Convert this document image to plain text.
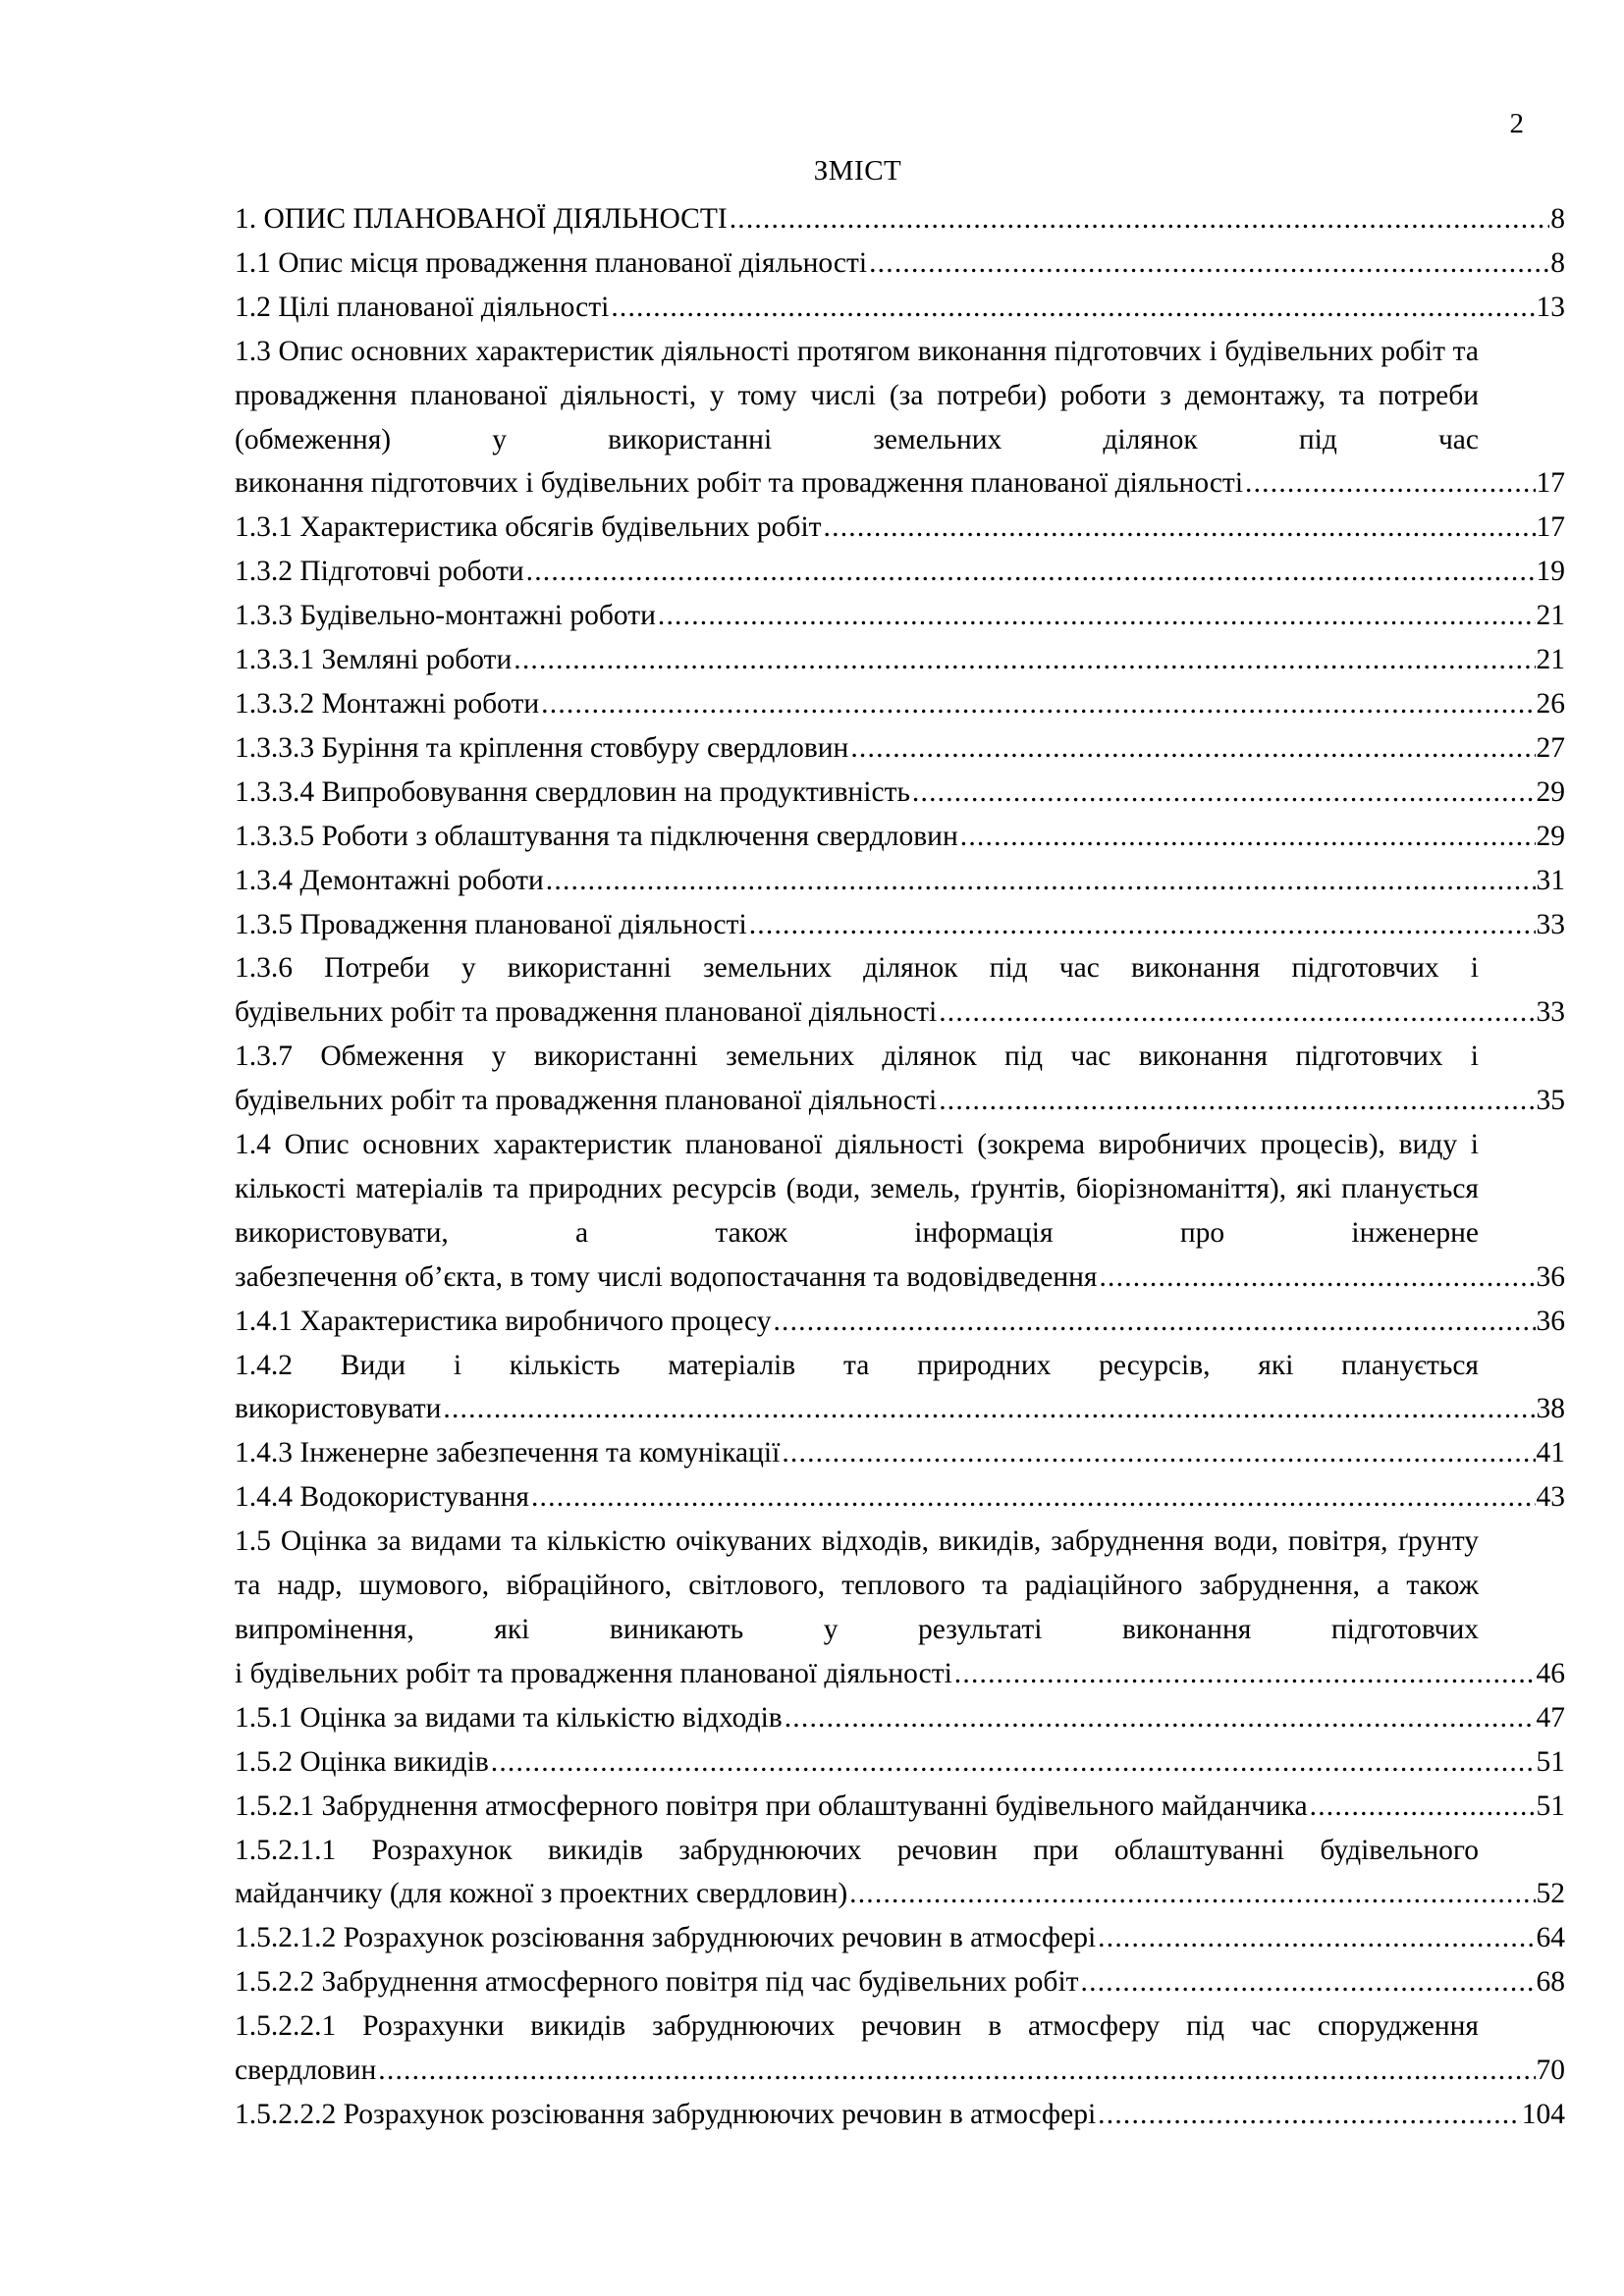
2
ЗМІСТ
1. ОПИС ПЛАНОВАНОЇ ДІЯЛЬНОСТІ .....	8
1.1 Опис місця провадження планованої діяльності .....	8
1.2 Цілі планованої діяльності .....	13
1.3 Опис основних характеристик діяльності протягом виконання підготовчих і будівельних робіт та провадження планованої діяльності, у тому числі (за потреби) роботи з демонтажу, та потреби (обмеження) у використанні земельних ділянок під час
виконання підготовчих і будівельних робіт та провадження планованої діяльності .....	17
1.3.1 Характеристика обсягів будівельних робіт .....	17
1.3.2 Підготовчі роботи .....	19
1.3.3 Будівельно-монтажні роботи .....	21
1.3.3.1 Земляні роботи .....	21
1.3.3.2 Монтажні роботи .....	26
1.3.3.3 Буріння та кріплення стовбуру свердловин .....	27
1.3.3.4 Випробовування свердловин на продуктивність .....	29
1.3.3.5 Роботи з облаштування та підключення свердловин .....	29
1.3.4 Демонтажні роботи .....	31
1.3.5 Провадження планованої діяльності .....	33
1.3.6 Потреби у використанні земельних ділянок під час виконання підготовчих і
будівельних робіт та провадження планованої діяльності .....	33
1.3.7 Обмеження у використанні земельних ділянок під час виконання підготовчих і
будівельних робіт та провадження планованої діяльності .....	35
1.4 Опис основних характеристик планованої діяльності (зокрема виробничих процесів), виду і кількості матеріалів та природних ресурсів (води, земель, ґрунтів, біорізноманіття), які планується використовувати, а також інформація про інженерне
забезпечення об’єкта, в тому числі водопостачання та водовідведення .....	36
1.4.1 Характеристика виробничого процесу .....	36
1.4.2 Види і кількість матеріалів та природних ресурсів, які планується
використовувати .....	38
1.4.3 Інженерне забезпечення та комунікації .....	41
1.4.4 Водокористування .....	43
1.5 Оцінка за видами та кількістю очікуваних відходів, викидів, забруднення води, повітря, ґрунту та надр, шумового, вібраційного, світлового, теплового та радіаційного забруднення, а також випромінення, які виникають у результаті виконання підготовчих
і будівельних робіт та провадження планованої діяльності .....	46
1.5.1 Оцінка за видами та кількістю відходів .....	47
1.5.2 Оцінка викидів .....	51
1.5.2.1 Забруднення атмосферного повітря при облаштуванні будівельного майданчика .....	51
1.5.2.1.1 Розрахунок викидів забруднюючих речовин при облаштуванні будівельного
майданчику (для кожної з проектних свердловин) .....	52
1.5.2.1.2 Розрахунок розсіювання забруднюючих речовин в атмосфері .....	64
1.5.2.2 Забруднення атмосферного повітря під час будівельних робіт .....	68
1.5.2.2.1 Розрахунки викидів забруднюючих речовин в атмосферу під час спорудження
свердловин .....	70
1.5.2.2.2 Розрахунок розсіювання забруднюючих речовин в атмосфері .....	104
